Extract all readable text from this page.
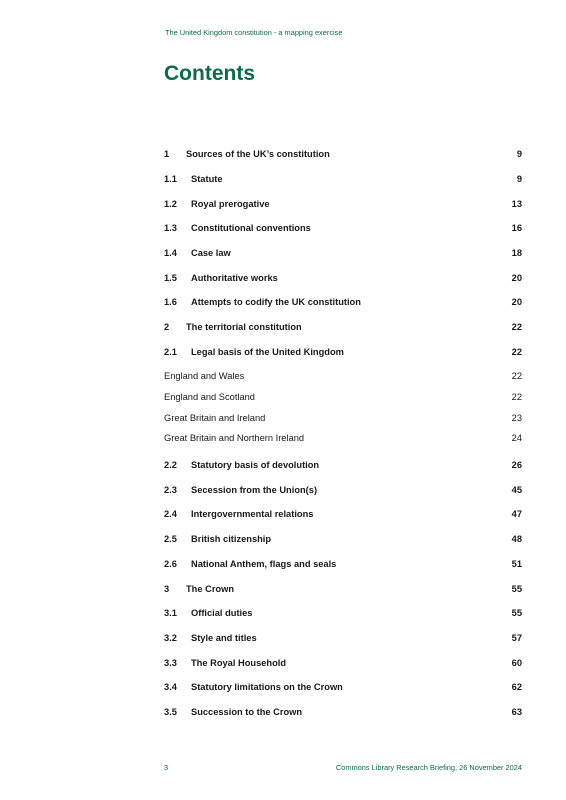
The United Kingdom constitution - a mapping exercise
Contents
1	Sources of the UK’s constitution	9
1.1	Statute	9
1.2	Royal prerogative	13
1.3	Constitutional conventions	16
1.4	Case law	18
1.5	Authoritative works	20
1.6	Attempts to codify the UK constitution	20
2	The territorial constitution	22
2.1	Legal basis of the United Kingdom	22
England and Wales	22
England and Scotland	22
Great Britain and Ireland	23
Great Britain and Northern Ireland	24
2.2	Statutory basis of devolution	26
2.3	Secession from the Union(s)	45
2.4	Intergovernmental relations	47
2.5	British citizenship	48
2.6	National Anthem, flags and seals	51
3	The Crown	55
3.1	Official duties	55
3.2	Style and titles	57
3.3	The Royal Household	60
3.4	Statutory limitations on the Crown	62
3.5	Succession to the Crown	63
3	Commons Library Research Briefing, 26 November 2024
